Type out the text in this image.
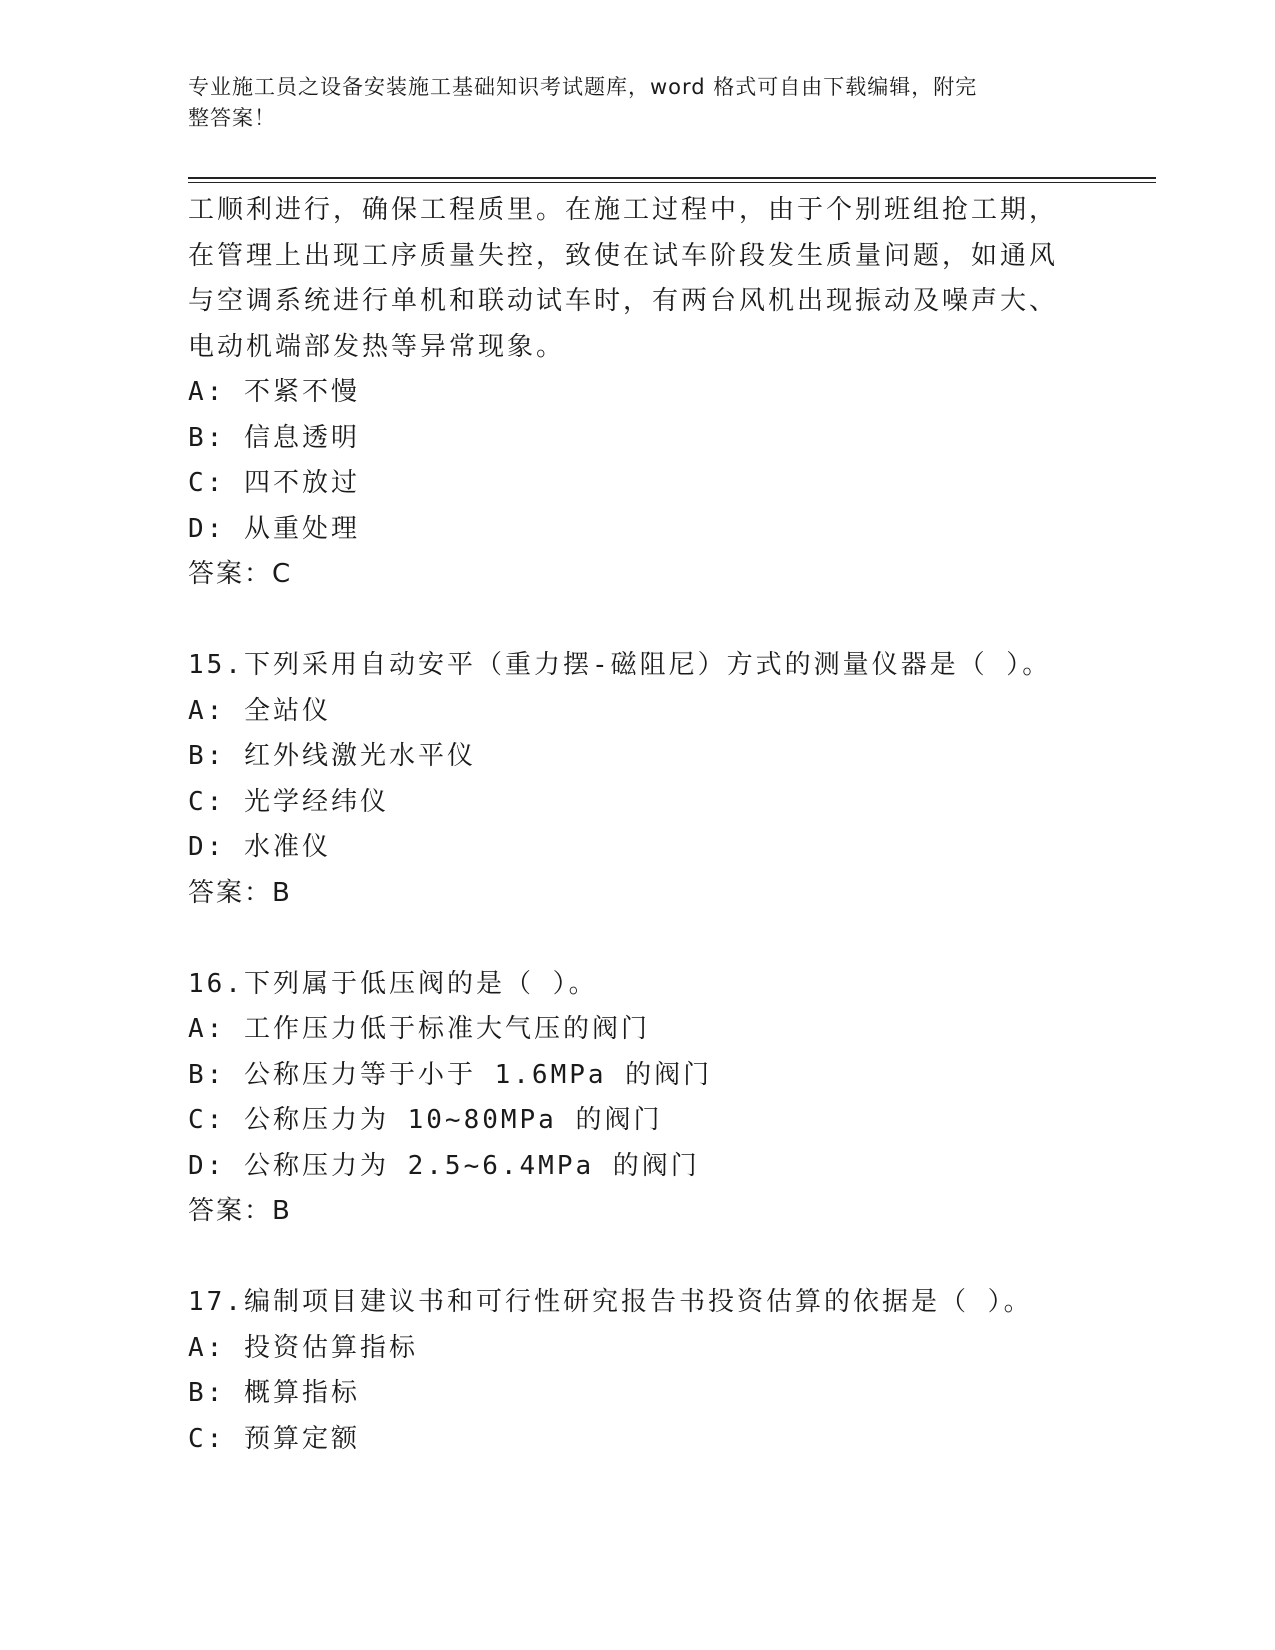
专业施工员之设备安装施工基础知识考试题库，word 格式可自由下载编辑，附完
整答案！
工顺利进行，确保工程质里。在施工过程中，由于个别班组抢工期，
在管理上出现工序质量失控，致使在试车阶段发生质量问题，如通风
与空调系统进行单机和联动试车时，有两台风机出现振动及噪声大、
电动机端部发热等异常现象。
A: 不紧不慢
B: 信息透明
C: 四不放过
D: 从重处理
答案：C
15.下列采用自动安平（重力摆-磁阻尼）方式的测量仪器是（ ）。
A: 全站仪
B: 红外线激光水平仪
C: 光学经纬仪
D: 水准仪
答案：B
16.下列属于低压阀的是（ ）。
A: 工作压力低于标准大气压的阀门
B: 公称压力等于小于 1.6MPa 的阀门
C: 公称压力为 10~80MPa 的阀门
D: 公称压力为 2.5~6.4MPa 的阀门
答案：B
17.编制项目建议书和可行性研究报告书投资估算的依据是（ ）。
A: 投资估算指标
B: 概算指标
C: 预算定额
